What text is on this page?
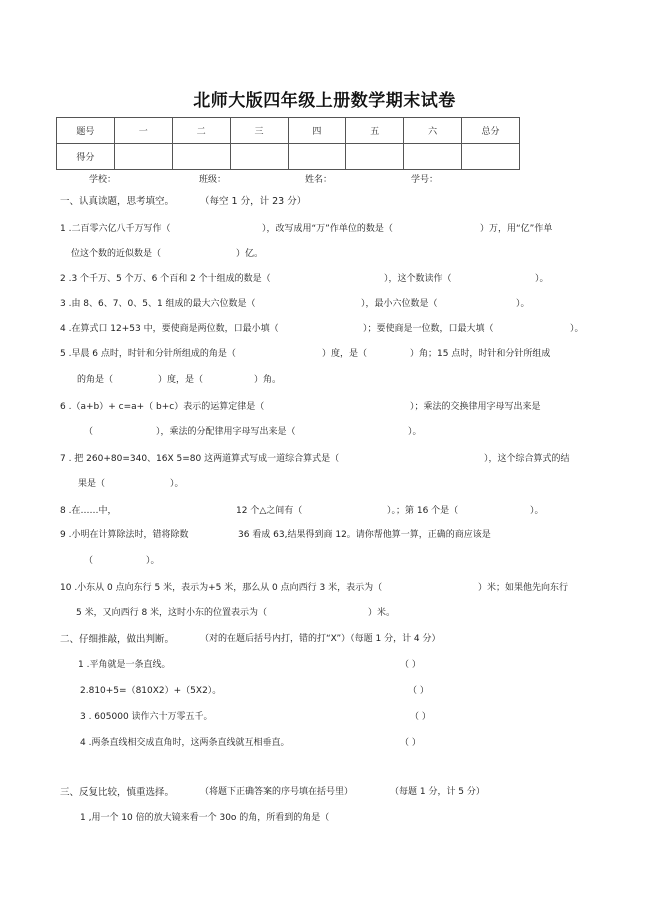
北师大版四年级上册数学期末试卷
题号	一	二	三	四	五	六	总分
得分							
学校：	班级：	姓名：	学号：
一、认真读题，思考填空。	（每空 1 分，计 23 分）
1 .二百零六亿八千万写作（	），改写成用“万”作单位的数是（	）万，用“亿”作单
位这个数的近似数是（	）亿。
2 .3 个千万、5 个万、6 个百和 2 个十组成的数是（	），这个数读作（	）。
3 .由 8、6、7、0、5、1 组成的最大六位数是（	），最小六位数是（	）。
4 .在算式口 12+53 中，要使商是两位数，口最小填（	）；要使商是一位数，口最大填（	）。
5 .早晨 6 点时，时针和分针所组成的角是（	）度，是（	）角；15 点时，时针和分针所组成
的角是（	）度，是（	）角。
6 .（a+b）+ c=a+（ b+c）表示的运算定律是（	）；乘法的交换律用字母写出来是
（	），乘法的分配律用字母写出来是（	）。
7 . 把 260+80=340、16X 5=80 这两道算式写成一道综合算式是（	），这个综合算式的结
果是（	）。
8 .在……中，	12 个△之间有（	）。；第 16 个是（	）。
9 .小明在计算除法时，错将除数	36 看成 63,结果得到商 12。请你帮他算一算，正确的商应该是
（	）。
10 .小东从 0 点向东行 5 米，表示为+5 米，那么从 0 点向西行 3 米，表示为（	）米；如果他先向东行
5 米，又向西行 8 米，这时小东的位置表示为（	）米。
二、仔细推敲，做出判断。	（对的在题后括号内打，错的打“X”）（每题 1 分，计 4 分）
1 .平角就是一条直线。	（ ）
2.810+5=（810X2）+（5X2）。	（ ）
3 . 605000 读作六十万零五千。	（ ）
4 .两条直线相交成直角时，这两条直线就互相垂直。	（ ）
三、反复比较，慎重选择。	（将题下正确答案的序号填在括号里）	（每题 1 分，计 5 分）
1 ,用一个 10 倍的放大镜来看一个 30o 的角，所看到的角是（
